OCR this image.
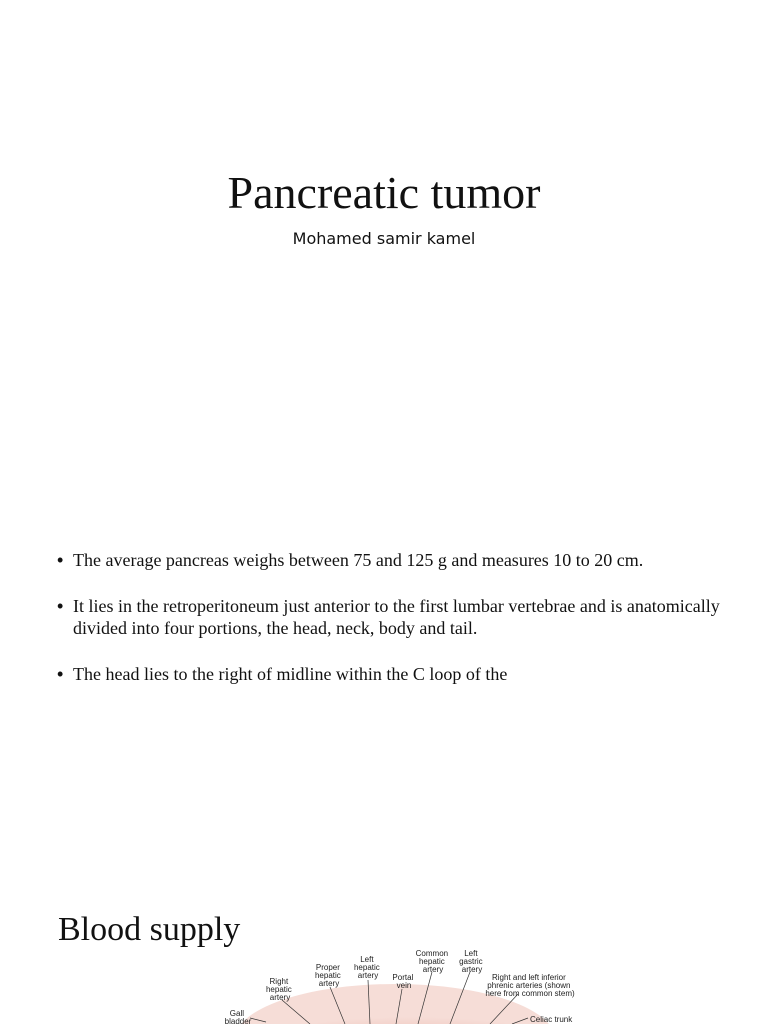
Pancreatic tumor
Mohamed samir kamel
• The average pancreas weighs between 75 and 125 g and measures 10 to 20 cm.
• It lies in the retroperitoneum just anterior to the first lumbar vertebrae and is anatomically divided into four portions, the head, neck, body and tail.
• The head lies to the right of midline within the C loop of the
Blood supply
Gall bladder
Right hepatic artery
Proper hepatic artery
Left hepatic artery	Portal vein
Common hepatic artery
Left gastric artery
Right and left inferior phrenic arteries (shown here from common stem)
Celiac trunk
